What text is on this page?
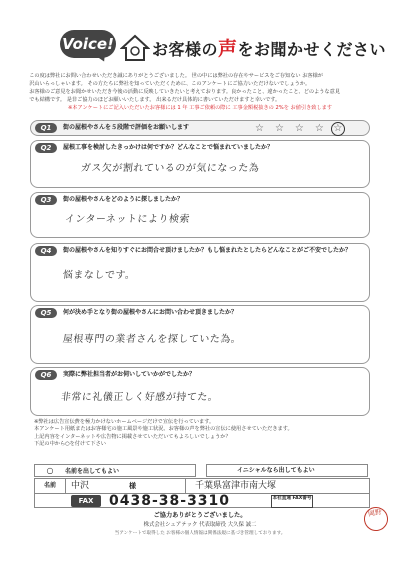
Voice! お客様の声をお聞かせください

この度は弊社にお問い合わせいただき誠にありがとうございました。 世の中には弊社の存在やサービスをご存知ない お客様が

沢山いらっしゃいます。 その方たちに弊社を知っていただくために、このアンケートにご協力いただけないでしょうか。

お客様のご意見をお聞かせいただき今後の活動に反映していきたいと考えております。良かったこと、違かったこと、どのような意見

でも結構です。 是非ご協力のほどお願いいたします。 出来るだけ具体的に書いていただけますと幸いです。

※本アンケートにご記入いただいたお客様には 1 年 工事ご依頼の際に 工事金額税抜きの 2%を お値引き致します

Q1	街の屋根やさんを５段階で評価をお願いします	☆☆☆☆☆
Q2	屋根工事を検討したきっかけは何ですか？どんなことで悩まれていましたか？
ガス欠が割れているのが気になった為
Q3	街の屋根やさんをどのように探しましたか？
インターネットにより検索
Q4	街の屋根やさんを知りすぐにお問合せ頂けましたか？もし悩まれたとしたらどんなことがご不安でしたか？
悩まなしです。
Q5	何が決め手となり街の屋根やさんにお問い合わせ頂きましたか？
屋根専門の業者さんを探していた為。
Q6	実際に弊社担当者がお伺いしていかがでしたか？
非常に礼儀正しく好感が持てた。

※弊社は広告宣伝費を極力かけないホームページだけで宣伝を行っています。

本アンケート用紙またはお客様宅の施工風景や施工状況、お客様の声を弊社の宣伝に使用させていただきます。

上記内容をインターネットや広告物に掲載させていただいてもよろしいでしょうか？

下記の中から○を付けて下さい

○ 名前を出してもよい	イニシャルなら出してもよい
名前	中沢	様	千葉県富津市南大塚
FAX	0438-38-3310	本社直通 FAX番号
ご協力ありがとうございました。
株式会社シェアテック 代表取締役 大久保 誠二
当アンケートで取得した お客様の個人情報は関係法規に基づき管理しております。
岡野
